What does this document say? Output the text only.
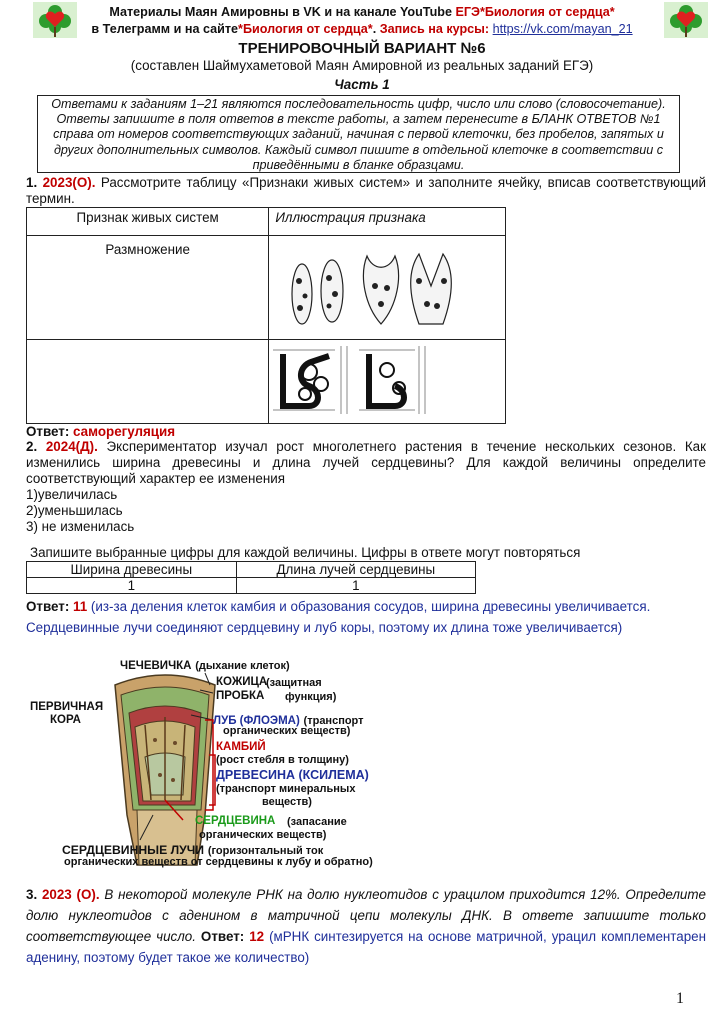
Материалы Маян Амировны в VK и на канале YouTube ЕГЭ*Биология от сердца*
в Телеграмм и на сайте*Биология от сердца*. Запись на курсы: https://vk.com/mayan_21
ТРЕНИРОВОЧНЫЙ ВАРИАНТ №6
(составлен Шаймухаметовой Маян Амировной из реальных заданий ЕГЭ)
Часть 1
Ответами к заданиям 1–21 являются последовательность цифр, число или слово (словосочетание). Ответы запишите в поля ответов в тексте работы, а затем перенесите в БЛАНК ОТВЕТОВ №1 справа от номеров соответствующих заданий, начиная с первой клеточки, без пробелов, запятых и других дополнительных символов. Каждый символ пишите в отдельной клеточке в соответствии с приведёнными в бланке образцами.
1. 2023(О). Рассмотрите таблицу «Признаки живых систем» и заполните ячейку, вписав соответствующий термин.
Признак живых систем	Иллюстрация признака
Размножение	

Ответ: саморегуляция
2. 2024(Д). Экспериментатор изучал рост многолетнего растения в течение нескольких сезонов. Как изменились ширина древесины и длина лучей сердцевины? Для каждой величины определите соответствующий характер ее изменения
1)увеличилась
2)уменьшилась
3) не изменилась
Запишите выбранные цифры для каждой величины. Цифры в ответе могут повторяться
Ширина древесины	Длина лучей сердцевины
1	1
Ответ: 11 (из-за деления клеток камбия и образования сосудов, ширина древесины увеличивается. Сердцевинные лучи соединяют сердцевину и луб коры, поэтому их длина тоже увеличивается)
ЧЕЧЕВИЧКА (дыхание клеток)
КОЖИЦА
(защитная
ПРОБКА функция)
ПЕРВИЧНАЯ
КОРА	ЛУБ (ФЛОЭМА) (транспорт
органических веществ)
КАМБИЙ
(рост стебля в толщину)
ДРЕВЕСИНА (КСИЛЕМА)
(транспорт минеральных
веществ)
СЕРДЦЕВИНА (запасание
органических веществ)
СЕРДЦЕВИННЫЕ ЛУЧИ (горизонтальный ток
органических веществ от сердцевины к лубу и обратно)
3. 2023 (О). В некоторой молекуле РНК на долю нуклеотидов с урацилом приходится 12%. Определите долю нуклеотидов с аденином в матричной цепи молекулы ДНК. В ответе запишите только соответствующее число. Ответ: 12 (мРНК синтезируется на основе матричной, урацил комплементарен аденину, поэтому будет такое же количество)
1
